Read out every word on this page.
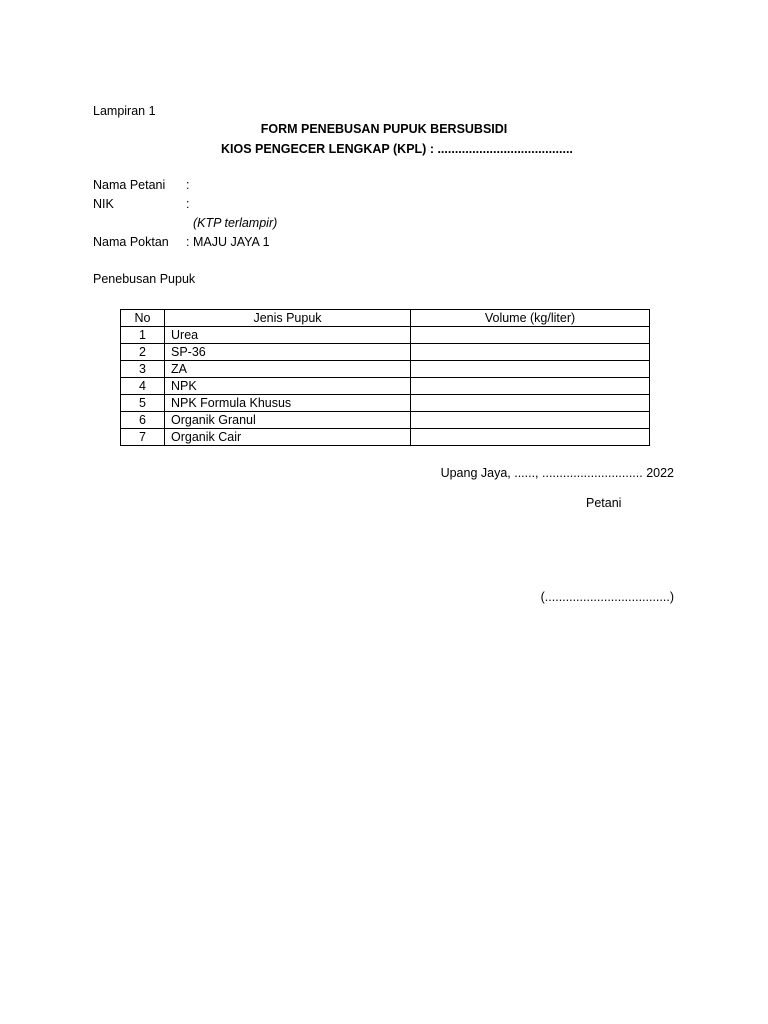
Lampiran 1
FORM PENEBUSAN PUPUK BERSUBSIDI
KIOS PENGECER LENGKAP (KPL) : .......................................
Nama Petani :
NIK	:
(KTP terlampir)
Nama Poktan : MAJU JAYA 1
Penebusan Pupuk
No	Jenis Pupuk	Volume (kg/liter)
1	Urea	
2	SP-36	
3	ZA	
4	NPK	
5	NPK Formula Khusus	
6	Organik Granul	
7	Organik Cair	
Upang Jaya, ......, ............................. 2022
Petani
(....................................)
